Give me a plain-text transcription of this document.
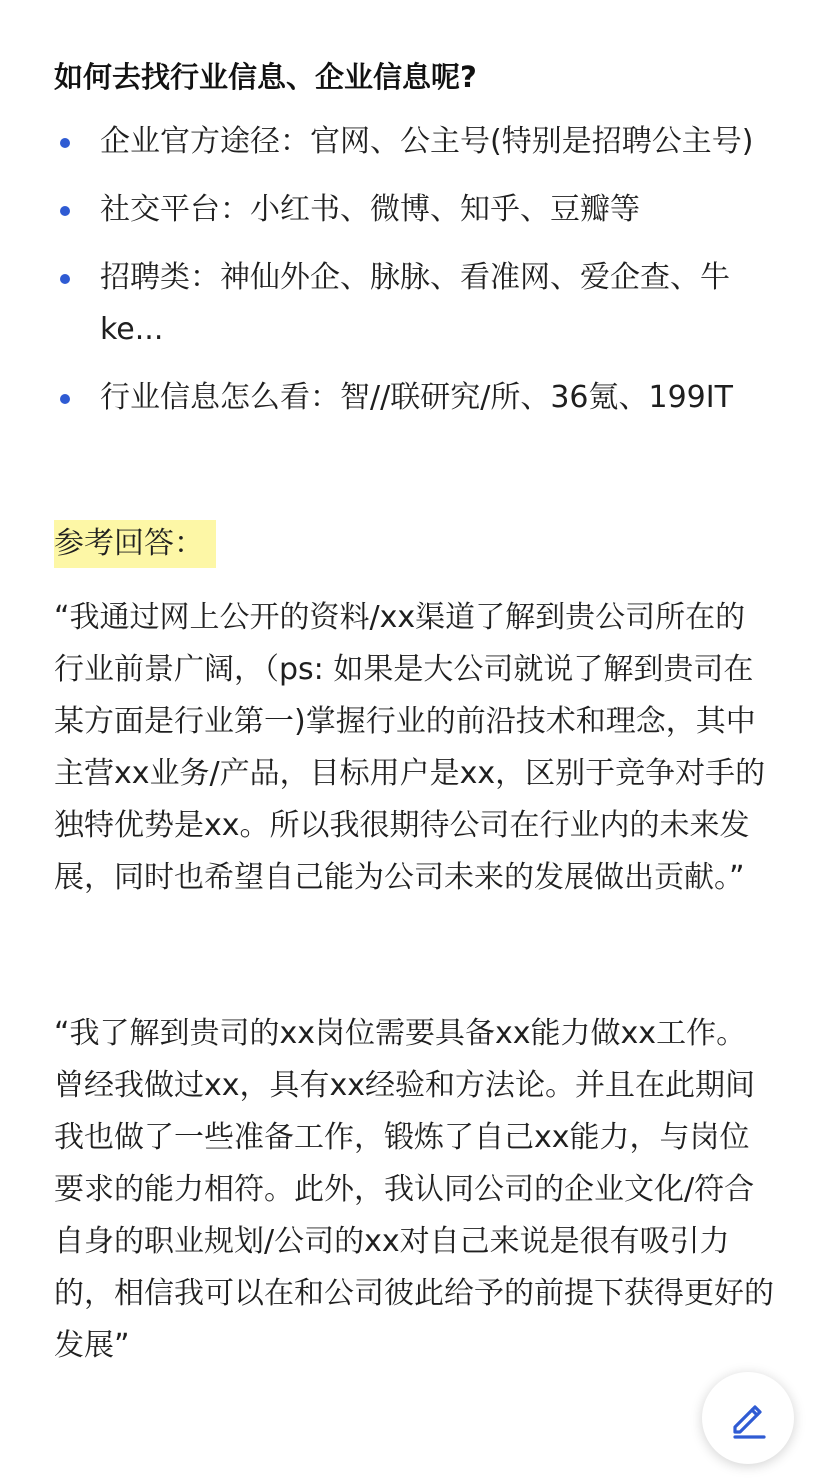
如何去找行业信息、企业信息呢?
企业官方途径：官网、公主号(特别是招聘公主号)
社交平台：小红书、微博、知乎、豆瓣等
招聘类：神仙外企、脉脉、看准网、爱企查、牛ke...
行业信息怎么看：智//联研究/所、36氪、199IT
参考回答：

“我通过网上公开的资料/xx渠道了解到贵公司所在的行业前景广阔，（ps: 如果是大公司就说了解到贵司在某方面是行业第一)掌握行业的前沿技术和理念，其中主营xx业务/产品，目标用户是xx，区别于竞争对手的独特优势是xx。所以我很期待公司在行业内的未来发展，同时也希望自己能为公司未来的发展做出贡献。”

“我了解到贵司的xx岗位需要具备xx能力做xx工作。曾经我做过xx，具有xx经验和方法论。并且在此期间我也做了一些准备工作，锻炼了自己xx能力，与岗位要求的能力相符。此外，我认同公司的企业文化/符合自身的职业规划/公司的xx对自己来说是很有吸引力的，相信我可以在和公司彼此给予的前提下获得更好的发展”
